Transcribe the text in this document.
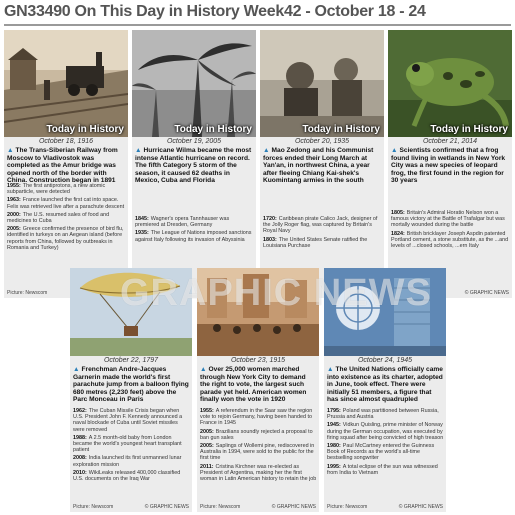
GN33490 On This Day in History Week42 - October 18 - 24
Today in History
October 18, 1916
▲ The Trans-Siberian Railway from Moscow to Vladivostok was completed as the Amur bridge was opened north of the border with China. Construction began in 1891
1955: The first antiprotons, a new atomic subparticle, were detected
1963: France launched the first cat into space. Felix was retrieved live after a parachute descent
2000: The U.S. resumed sales of food and medicines to Cuba
2005: Greece confirmed the presence of bird flu, identified in turkeys on an Aegean island (before reports from China, followed by outbreaks in Romania and Turkey)
Picture: Newscom
Today in History
October 19, 2005
▲ Hurricane Wilma became the most intense Atlantic hurricane on record. The fifth Category 5 storm of the season, it caused 62 deaths in Mexico, Cuba and Florida
1845: Wagner's opera Tannhauser was premiered at Dresden, Germany
1935: The League of Nations imposed sanctions against Italy following its invasion of Abyssinia
Today in History
October 20, 1935
▲ Mao Zedong and his Communist forces ended their Long March at Yan'an, in northwest China, a year after fleeing Chiang Kai-shek's Kuomintang armies in the south
1720: Caribbean pirate Calico Jack, designer of the Jolly Roger flag, was captured by Britain's Royal Navy
1803: The United States Senate ratified the Louisiana Purchase
Today in History
October 21, 2014
▲ Scientists confirmed that a frog found living in wetlands in New York City was a new species of leopard frog, the first found in the region for 30 years
1805: Britain's Admiral Horatio Nelson won a famous victory at the Battle of Trafalgar but was mortally wounded during the battle
1824: British bricklayer Joseph Aspdin patented Portland cement, a stone substitute, as the ...and levels of ...closed schools, ...ern Italy
© GRAPHIC NEWS
October 22, 1797
▲ Frenchman Andre-Jacques Garnerin made the world's first parachute jump from a balloon flying 680 metres (2,230 feet) above the Parc Monceau in Paris
1962: The Cuban Missile Crisis began when U.S. President John F. Kennedy announced a naval blockade of Cuba until Soviet missiles were removed
1988: A 2.5 month-old baby from London became the world's youngest heart transplant patient
2008: India launched its first unmanned lunar exploration mission
2010: WikiLeaks released 400,000 classified U.S. documents on the Iraq War
Picture: Newscom	© GRAPHIC NEWS
October 23, 1915
▲ Over 25,000 women marched through New York City to demand the right to vote, the largest such parade yet held. American women finally won the vote in 1920
1955: A referendum in the Saar saw the region vote to rejoin Germany, having been handed to France in 1945
2005: Brazilians soundly rejected a proposal to ban gun sales
2005: Saplings of Wollemi pine, rediscovered in Australia in 1994, were sold to the public for the first time
2011: Cristina Kirchner was re-elected as President of Argentina, making her the first woman in Latin American history to retain the job
Picture: Newscom	© GRAPHIC NEWS
October 24, 1945
▲ The United Nations officially came into existence as its charter, adopted in June, took effect. There were initially 51 members, a figure that has since almost quadrupled
1795: Poland was partitioned between Russia, Prussia and Austria
1945: Vidkun Quisling, prime minister of Norway during the German occupation, was executed by firing squad after being convicted of high treason
1980: Paul McCartney entered the Guinness Book of Records as the world's all-time bestselling songwriter
1995: A total eclipse of the sun was witnessed from India to Vietnam
Picture: Newscom	© GRAPHIC NEWS
GRAPHIC NEWS
